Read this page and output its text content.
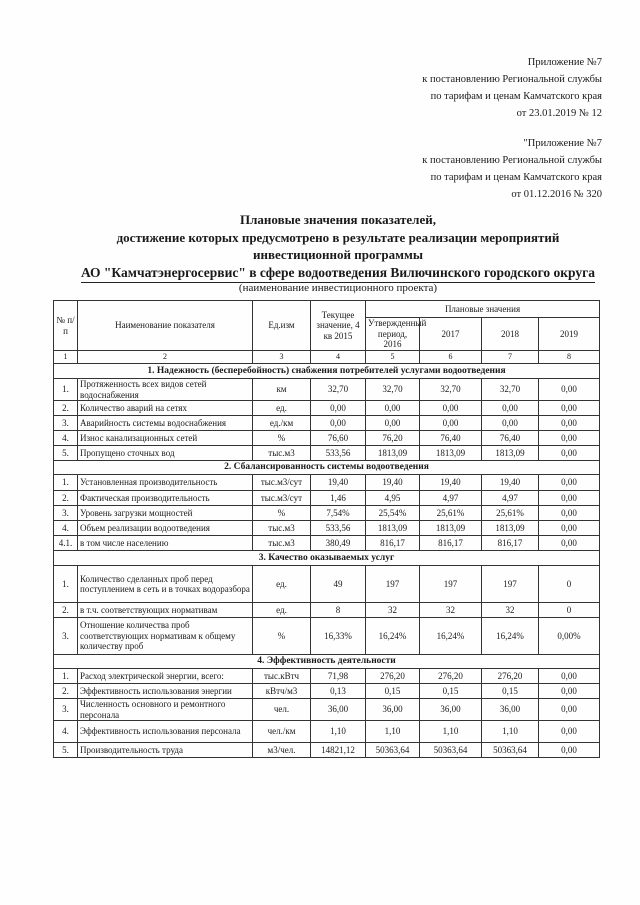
Приложение №7
к постановлению Региональной службы
по тарифам и ценам Камчатского края
от 23.01.2019 № 12
"Приложение №7
к постановлению Региональной службы
по тарифам и ценам Камчатского края
от 01.12.2016 № 320
Плановые значения показателей,
достижение которых предусмотрено в результате реализации мероприятий
инвестиционной программы
АО "Камчатэнергосервис" в сфере водоотведения Вилючинского городского округа
(наименование инвестиционного проекта)
№ п/п	Наименование показателя	Ед.изм	Текущее значение, 4 кв 2015	Плановые значения			
				Утвержденный период, 2016	2017	2018	2019
1	2	3	4	5	6	7	8
1. Надежность (бесперебойность) снабжения потребителей услугами водоотведения							
1.	Протяженность всех видов сетей водоснабжения	км	32,70	32,70	32,70	32,70	0,00
2.	Количество аварий на сетях	ед.	0,00	0,00	0,00	0,00	0,00
3.	Аварийность системы водоснабжения	ед./км	0,00	0,00	0,00	0,00	0,00
4.	Износ канализационных сетей	%	76,60	76,20	76,40	76,40	0,00
5.	Пропущено сточных вод	тыс.м3	533,56	1813,09	1813,09	1813,09	0,00
2. Сбалансированность системы водоотведения							
1.	Установленная производительность	тыс.м3/сут	19,40	19,40	19,40	19,40	0,00
2.	Фактическая производительность	тыс.м3/сут	1,46	4,95	4,97	4,97	0,00
3.	Уровень загрузки мощностей	%	7,54%	25,54%	25,61%	25,61%	0,00
4.	Объем реализации водоотведения	тыс.м3	533,56	1813,09	1813,09	1813,09	0,00
4.1.	в том числе населению	тыс.м3	380,49	816,17	816,17	816,17	0,00
3. Качество оказываемых услуг							
1.	Количество сделанных проб перед поступлением в сеть и в точках водоразбора	ед.	49	197	197	197	0
2.	в т.ч. соответствующих нормативам	ед.	8	32	32	32	0
3.	Отношение количества проб соответствующих нормативам к общему количеству проб	%	16,33%	16,24%	16,24%	16,24%	0,00%
4. Эффективность деятельности							
1.	Расход электрической энергии, всего:	тыс.кВтч	71,98	276,20	276,20	276,20	0,00
2.	Эффективность использования энергии	кВтч/м3	0,13	0,15	0,15	0,15	0,00
3.	Численность основного и ремонтного персонала	чел.	36,00	36,00	36,00	36,00	0,00
4.	Эффективность использования персонала	чел./км	1,10	1,10	1,10	1,10	0,00
5.	Производительность труда	м3/чел.	14821,12	50363,64	50363,64	50363,64	0,00
